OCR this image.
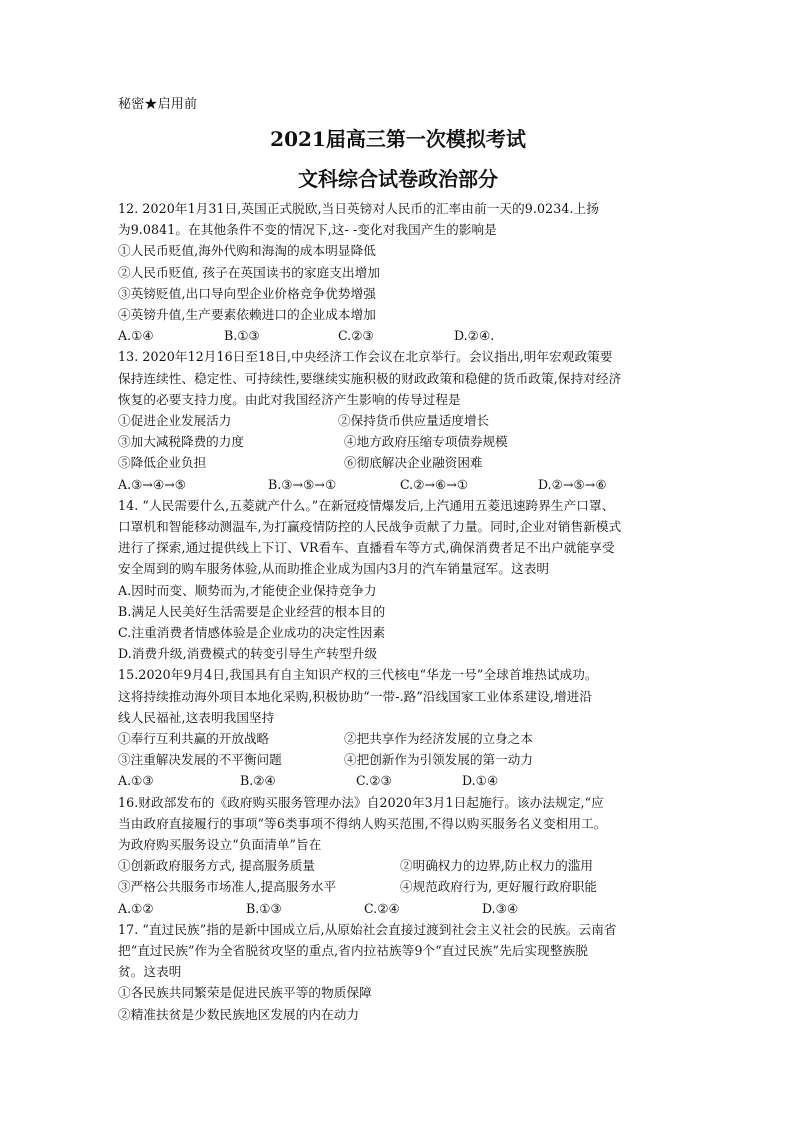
秘密★启用前
2021届高三第一次模拟考试
文科综合试卷政治部分
12. 2020年1月31日,英国正式脱欧,当日英镑对人民币的汇率由前一天的9.0234.上扬
为9.0841。在其他条件不变的情况下,这- -变化对我国产生的影响是
①人民币贬值,海外代购和海淘的成本明显降低
②人民币贬值, 孩子在英国读书的家庭支出增加
③英镑贬值,出口导向型企业价格竞争优势增强
④英镑升值,生产要素依赖进口的企业成本增加
A.①④	B.①③	C.②③	D.②④.
13. 2020年12月16日至18日,中央经济工作会议在北京举行。会议指出,明年宏观政策要
保持连续性、稳定性、可持续性,要继续实施积极的财政政策和稳健的货币政策,保持对经济
恢复的必要支持力度。由此对我国经济产生影响的传导过程是
①促进企业发展活力	②保持货币供应量适度增长
③加大减税降费的力度	④地方政府压缩专项债券规模
⑤降低企业负担	⑥彻底解决企业融资困难
A.③→④→⑤	B.③→⑤→①	C.②→⑥→①	D.②→⑤→⑥
14. “人民需要什么,五菱就产什么。”在新冠疫情爆发后,上汽通用五菱迅速跨界生产口罩、
口罩机和智能移动测温车,为打赢疫情防控的人民战争贡献了力量。同时,企业对销售新模式
进行了探索,通过提供线上下订、VR看车、直播看车等方式,确保消费者足不出户就能享受
安全周到的购车服务体验,从而助推企业成为国内3月的汽车销量冠军。这表明
A.因时而变、顺势而为,才能使企业保持竞争力
B.满足人民美好生活需要是企业经营的根本目的
C.注重消费者情感体验是企业成功的决定性因素
D.消费升级,消费模式的转变引导生产转型升级
15.2020年9月4日,我国具有自主知识产权的三代核电“华龙一号”全球首堆热试成功。
这将持续推动海外项目本地化采购,积极协助“一带-.路”沿线国家工业体系建设,增进沿
线人民福祉,这表明我国坚持
①奉行互利共赢的开放战略	②把共享作为经济发展的立身之本
③注重解决发展的不平衡问题	④把创新作为引领发展的第一动力
A.①③	B.②④	C.②③	D.①④
16.财政部发布的《政府购买服务管理办法》自2020年3月1日起施行。该办法规定,“应
当由政府直接履行的事项”等6类事项不得纳人购买范围,不得以购买服务名义变相用工。
为政府购买服务设立“负面清单”旨在
①创新政府服务方式, 提高服务质量	②明确权力的边界,防止权力的滥用
③严格公共服务市场准人,提高服务水平	④规范政府行为, 更好履行政府职能
A.①②	B.①③	C.②④	D.③④
17. “直过民族”指的是新中国成立后,从原始社会直接过渡到社会主义社会的民族。云南省
把“直过民族”作为全省脱贫攻坚的重点,省内拉祜族等9个“直过民族”先后实现整族脱
贫。这表明
①各民族共同繁荣是促进民族平等的物质保障
②精准扶贫是少数民族地区发展的内在动力
